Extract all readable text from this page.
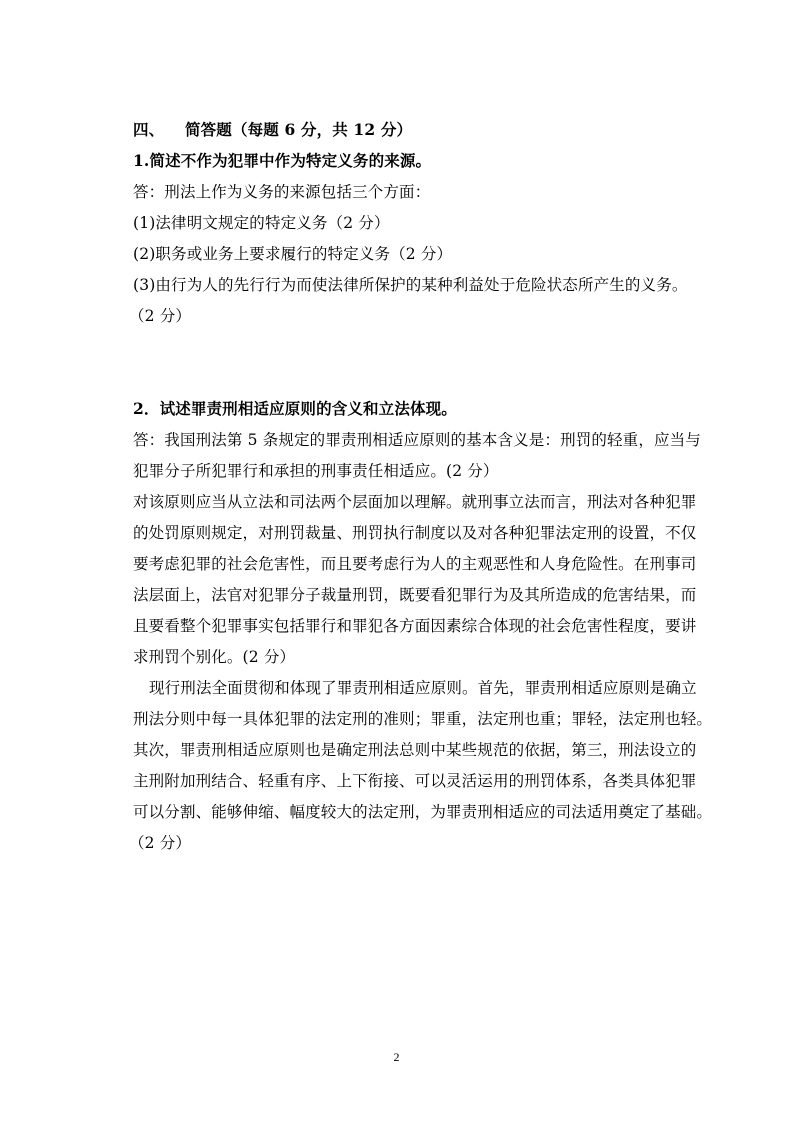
四、 简答题（每题 6 分，共 12 分）
1.简述不作为犯罪中作为特定义务的来源。
答：刑法上作为义务的来源包括三个方面：
(1)法律明文规定的特定义务（2 分）
(2)职务或业务上要求履行的特定义务（2 分）
(3)由行为人的先行行为而使法律所保护的某种利益处于危险状态所产生的义务。
（2 分）
2．试述罪责刑相适应原则的含义和立法体现。
答：我国刑法第 5 条规定的罪责刑相适应原则的基本含义是：刑罚的轻重，应当与
犯罪分子所犯罪行和承担的刑事责任相适应。(2 分）
对该原则应当从立法和司法两个层面加以理解。就刑事立法而言，刑法对各种犯罪
的处罚原则规定，对刑罚裁量、刑罚执行制度以及对各种犯罪法定刑的设置，不仅
要考虑犯罪的社会危害性，而且要考虑行为人的主观恶性和人身危险性。在刑事司
法层面上，法官对犯罪分子裁量刑罚，既要看犯罪行为及其所造成的危害结果，而
且要看整个犯罪事实包括罪行和罪犯各方面因素综合体现的社会危害性程度，要讲
求刑罚个别化。(2 分）
现行刑法全面贯彻和体现了罪责刑相适应原则。首先，罪责刑相适应原则是确立
刑法分则中每一具体犯罪的法定刑的准则；罪重，法定刑也重；罪轻，法定刑也轻。
其次，罪责刑相适应原则也是确定刑法总则中某些规范的依据，第三，刑法设立的
主刑附加刑结合、轻重有序、上下衔接、可以灵活运用的刑罚体系，各类具体犯罪
可以分割、能够伸缩、幅度较大的法定刑，为罪责刑相适应的司法适用奠定了基础。
（2 分）
2
